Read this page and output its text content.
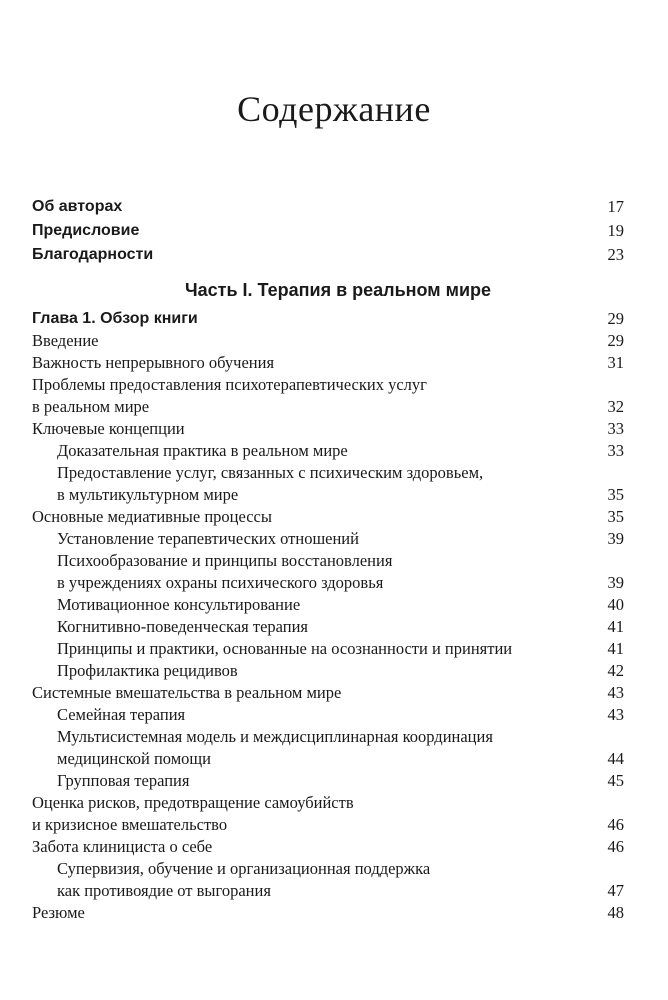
Содержание
Об авторах	17
Предисловие	19
Благодарности	23
Часть I. Терапия в реальном мире
Глава 1. Обзор книги	29
Введение	29
Важность непрерывного обучения	31
Проблемы предоставления психотерапевтических услуг
в реальном мире	32
Ключевые концепции	33
Доказательная практика в реальном мире	33
Предоставление услуг, связанных с психическим здоровьем,
в мультикультурном мире	35
Основные медиативные процессы	35
Установление терапевтических отношений	39
Психообразование и принципы восстановления
в учреждениях охраны психического здоровья	39
Мотивационное консультирование	40
Когнитивно-поведенческая терапия	41
Принципы и практики, основанные на осознанности и принятии	41
Профилактика рецидивов	42
Системные вмешательства в реальном мире	43
Семейная терапия	43
Мультисистемная модель и междисциплинарная координация
медицинской помощи	44
Групповая терапия	45
Оценка рисков, предотвращение самоубийств
и кризисное вмешательство	46
Забота клинициста о себе	46
Супервизия, обучение и организационная поддержка
как противоядие от выгорания	47
Резюме	48
